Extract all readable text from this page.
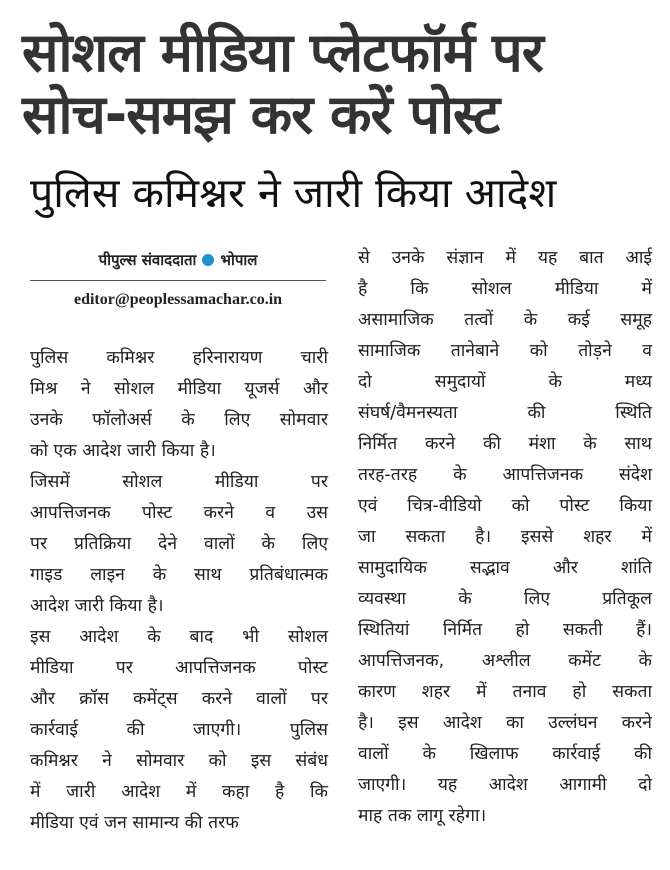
सोशल मीडिया प्लेटफॉर्म पर
सोच-समझ कर करें पोस्ट
पुलिस कमिश्नर ने जारी किया आदेश
पीपुल्स संवाददाता भोपाल
editor@peoplessamachar.co.in
पुलिस कमिश्नर हरिनारायण चारी
मिश्र ने सोशल मीडिया यूजर्स और
उनके फॉलोअर्स के लिए सोमवार
को एक आदेश जारी किया है।
जिसमें सोशल मीडिया पर
आपत्तिजनक पोस्ट करने व उस
पर प्रतिक्रिया देने वालों के लिए
गाइड लाइन के साथ प्रतिबंधात्मक
आदेश जारी किया है।
इस आदेश के बाद भी सोशल
मीडिया पर आपत्तिजनक पोस्ट
और क्रॉस कमेंट्स करने वालों पर
कार्रवाई की जाएगी। पुलिस
कमिश्नर ने सोमवार को इस संबंध
में जारी आदेश में कहा है कि
मीडिया एवं जन सामान्य की तरफ
से उनके संज्ञान में यह बात आई
है कि सोशल मीडिया में
असामाजिक तत्वों के कई समूह
सामाजिक तानेबाने को तोड़ने व
दो समुदायों के मध्य
संघर्ष/वैमनस्यता की स्थिति
निर्मित करने की मंशा के साथ
तरह-तरह के आपत्तिजनक संदेश
एवं चित्र-वीडियो को पोस्ट किया
जा सकता है। इससे शहर में
सामुदायिक सद्भाव और शांति
व्यवस्था के लिए प्रतिकूल
स्थितियां निर्मित हो सकती हैं।
आपत्तिजनक, अश्लील कमेंट के
कारण शहर में तनाव हो सकता
है। इस आदेश का उल्लंघन करने
वालों के खिलाफ कार्रवाई की
जाएगी। यह आदेश आगामी दो
माह तक लागू रहेगा।
